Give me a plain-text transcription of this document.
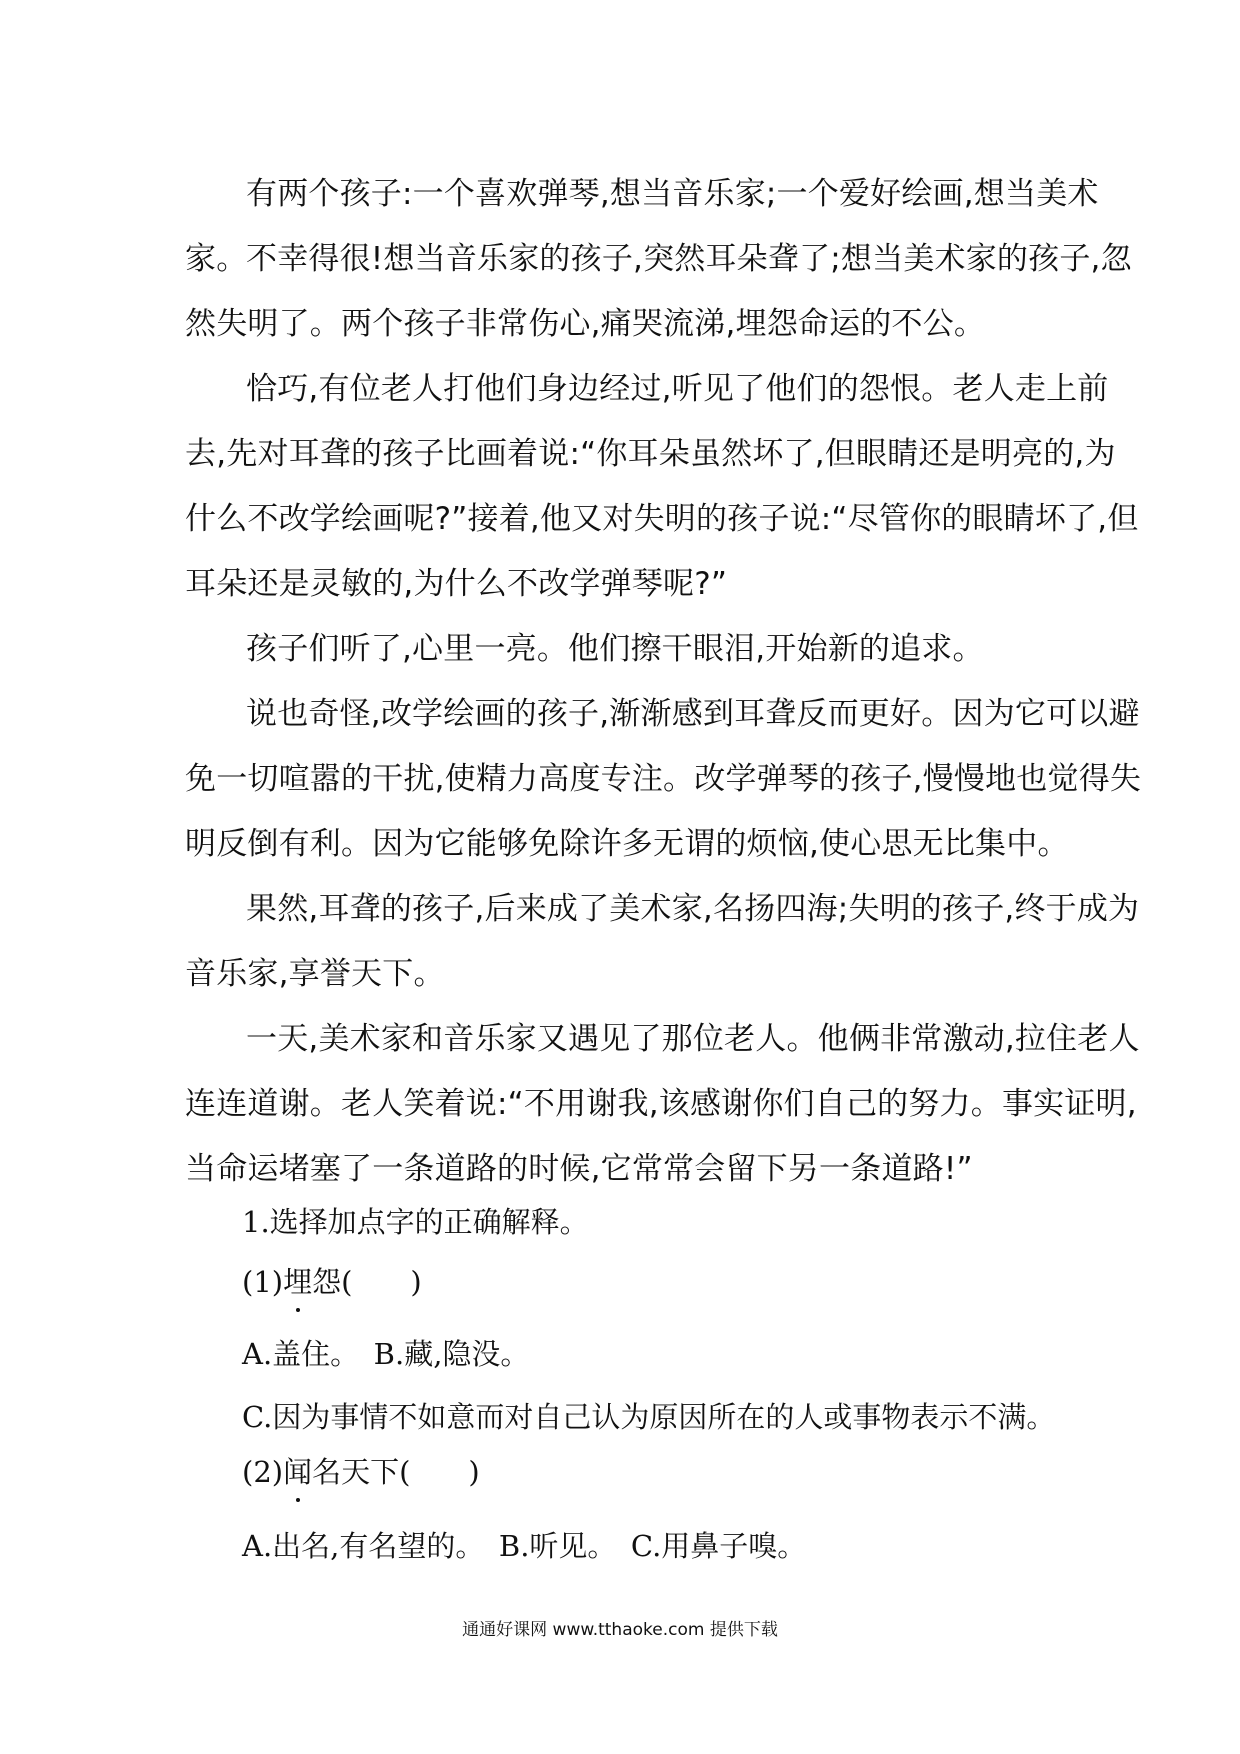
有两个孩子:一个喜欢弹琴,想当音乐家;一个爱好绘画,想当美术家。

不幸得很!想当音乐家的孩子,突然耳朵聋了;想当美术家的孩子,忽然失明了。两个孩子非常伤心,痛哭流涕,埋怨命运的不公。

恰巧,有位老人打他们身边经过,听见了他们的怨恨。老人走上前去,先对耳聋的孩子比画着说:“你耳朵虽然坏了,但眼睛还是明亮的,为什么不改学绘画呢?”接着,他又对失明的孩子说:“尽管你的眼睛坏了,但耳朵还是灵敏的,为什么不改学弹琴呢?”

孩子们听了,心里一亮。他们擦干眼泪,开始新的追求。

说也奇怪,改学绘画的孩子,渐渐感到耳聋反而更好。因为它可以避免一切喧嚣的干扰,使精力高度专注。改学弹琴的孩子,慢慢地也觉得失明反倒有利。因为它能够免除许多无谓的烦恼,使心思无比集中。

果然,耳聋的孩子,后来成了美术家,名扬四海;失明的孩子,终于成为音乐家,享誉天下。

一天,美术家和音乐家又遇见了那位老人。他俩非常激动,拉住老人连连道谢。老人笑着说:“不用谢我,该感谢你们自己的努力。事实证明,当命运堵塞了一条道路的时候,它常常会留下另一条道路!”

1.选择加点字的正确解释。

(1)埋怨(　　)

A.盖住。　B.藏,隐没。

C.因为事情不如意而对自己认为原因所在的人或事物表示不满。

(2)闻名天下(　　)

A.出名,有名望的。　B.听见。　C.用鼻子嗅。

通通好课网 www.tthaoke.com 提供下载
